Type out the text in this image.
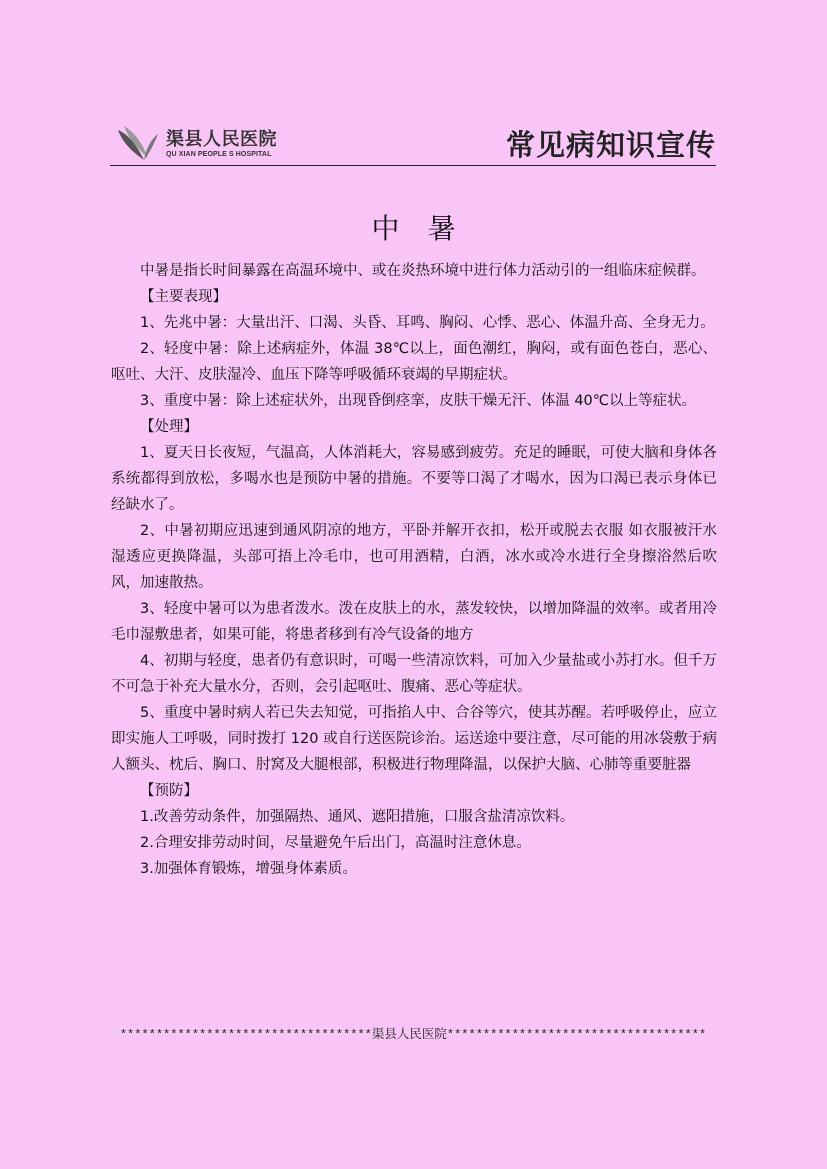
渠县人民医院
QU XIAN PEOPLE S HOSPITAL	常见病知识宣传
中　暑

中暑是指长时间暴露在高温环境中、或在炎热环境中进行体力活动引的一组临床症候群。

【主要表现】

1、先兆中暑：大量出汗、口渴、头昏、耳鸣、胸闷、心悸、恶心、体温升高、全身无力。

2、轻度中暑：除上述病症外，体温 38℃以上，面色潮红，胸闷，或有面色苍白，恶心、呕吐、大汗、皮肤湿冷、血压下降等呼吸循环衰竭的早期症状。

3、重度中暑：除上述症状外，出现昏倒痉挛，皮肤干燥无汗、体温 40℃以上等症状。

【处理】

1、夏天日长夜短，气温高，人体消耗大，容易感到疲劳。充足的睡眠，可使大脑和身体各系统都得到放松，多喝水也是预防中暑的措施。不要等口渴了才喝水，因为口渴已表示身体已经缺水了。

2、中暑初期应迅速到通风阴凉的地方，平卧并解开衣扣，松开或脱去衣服 如衣服被汗水湿透应更换降温，头部可捂上冷毛巾，也可用酒精，白酒，冰水或冷水进行全身擦浴然后吹风，加速散热。

3、轻度中暑可以为患者泼水。泼在皮肤上的水，蒸发较快，以增加降温的效率。或者用冷毛巾湿敷患者，如果可能，将患者移到有冷气设备的地方

4、初期与轻度，患者仍有意识时，可喝一些清凉饮料，可加入少量盐或小苏打水。但千万不可急于补充大量水分，否则，会引起呕吐、腹痛、恶心等症状。

5、重度中暑时病人若已失去知觉，可指掐人中、合谷等穴，使其苏醒。若呼吸停止，应立即实施人工呼吸，同时拨打 120 或自行送医院诊治。运送途中要注意，尽可能的用冰袋敷于病人额头、枕后、胸口、肘窝及大腿根部，积极进行物理降温，以保护大脑、心肺等重要脏器

【预防】

1.改善劳动条件，加强隔热、通风、遮阳措施，口服含盐清凉饮料。

2.合理安排劳动时间，尽量避免午后出门，高温时注意休息。

3.加强体育锻炼，增强身体素质。

***********************************渠县人民医院************************************
